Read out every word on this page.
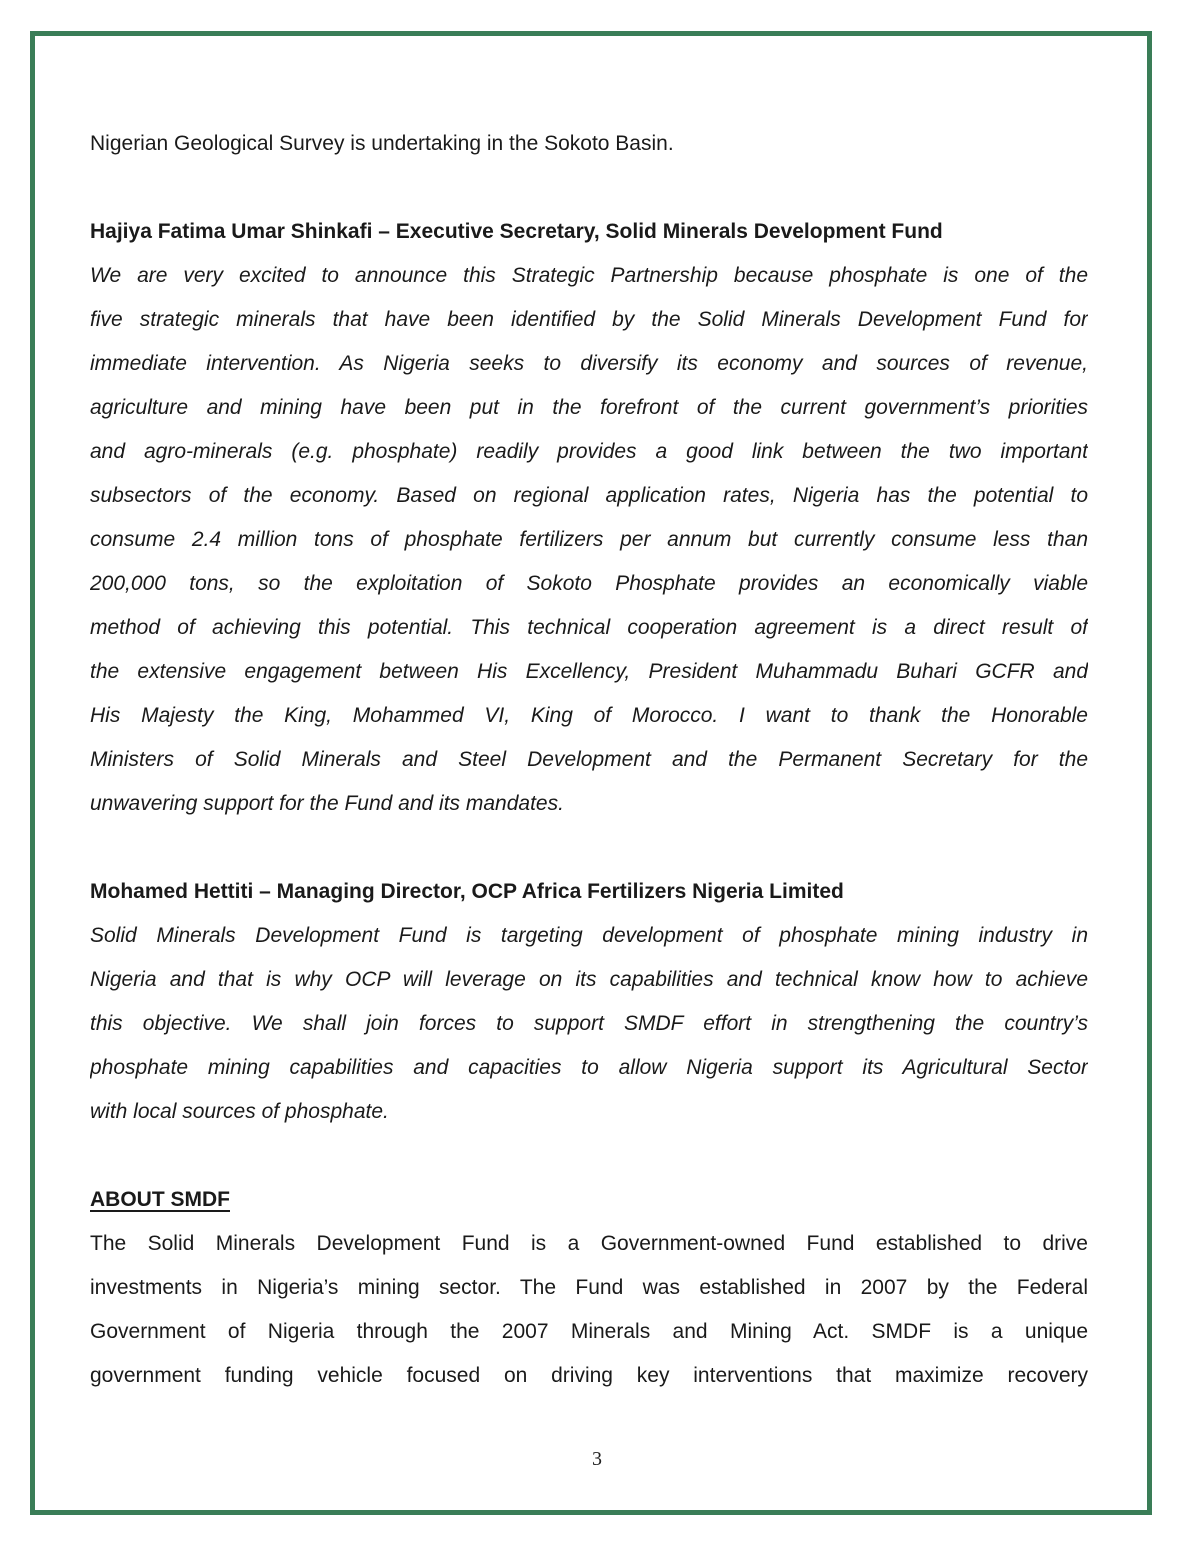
Nigerian Geological Survey is undertaking in the Sokoto Basin.
Hajiya Fatima Umar Shinkafi – Executive Secretary, Solid Minerals Development Fund
We are very excited to announce this Strategic Partnership because phosphate is one of the
five strategic minerals that have been identified by the Solid Minerals Development Fund for
immediate intervention. As Nigeria seeks to diversify its economy and sources of revenue,
agriculture and mining have been put in the forefront of the current government’s priorities
and agro-minerals (e.g. phosphate) readily provides a good link between the two important
subsectors of the economy. Based on regional application rates, Nigeria has the potential to
consume 2.4 million tons of phosphate fertilizers per annum but currently consume less than
200,000 tons, so the exploitation of Sokoto Phosphate provides an economically viable
method of achieving this potential. This technical cooperation agreement is a direct result of
the extensive engagement between His Excellency, President Muhammadu Buhari GCFR and
His Majesty the King, Mohammed VI, King of Morocco. I want to thank the Honorable
Ministers of Solid Minerals and Steel Development and the Permanent Secretary for the
unwavering support for the Fund and its mandates.
Mohamed Hettiti – Managing Director, OCP Africa Fertilizers Nigeria Limited
Solid Minerals Development Fund is targeting development of phosphate mining industry in
Nigeria and that is why OCP will leverage on its capabilities and technical know how to achieve
this objective. We shall join forces to support SMDF effort in strengthening the country’s
phosphate mining capabilities and capacities to allow Nigeria support its Agricultural Sector
with local sources of phosphate.
ABOUT SMDF
The Solid Minerals Development Fund is a Government-owned Fund established to drive
investments in Nigeria’s mining sector. The Fund was established in 2007 by the Federal
Government of Nigeria through the 2007 Minerals and Mining Act. SMDF is a unique
government funding vehicle focused on driving key interventions that maximize recovery
3
